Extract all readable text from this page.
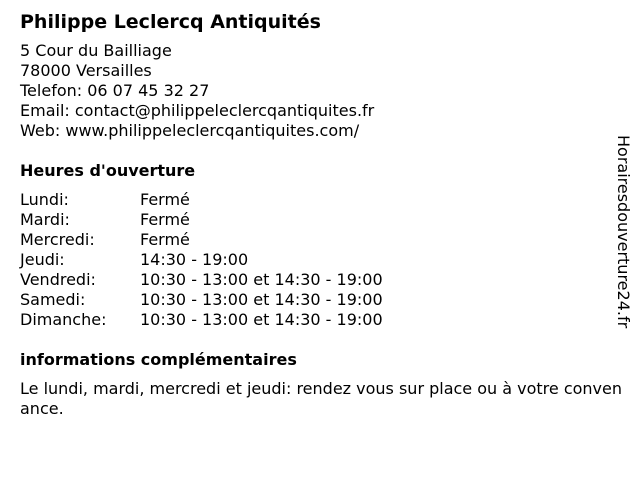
Philippe Leclercq Antiquités
5 Cour du Bailliage
78000 Versailles
Telefon: 06 07 45 32 27
Email: contact@philippeleclercqantiquites.fr
Web: www.philippeleclercqantiquites.com/
Heures d'ouverture
Lundi:	Fermé
Mardi:	Fermé
Mercredi:	Fermé
Jeudi:	14:30 - 19:00
Vendredi:	10:30 - 13:00 et 14:30 - 19:00
Samedi:	10:30 - 13:00 et 14:30 - 19:00
Dimanche:	10:30 - 13:00 et 14:30 - 19:00
informations complémentaires
Le lundi, mardi, mercredi et jeudi: rendez vous sur place ou à votre convenance.
Horairesdouverture24.fr
